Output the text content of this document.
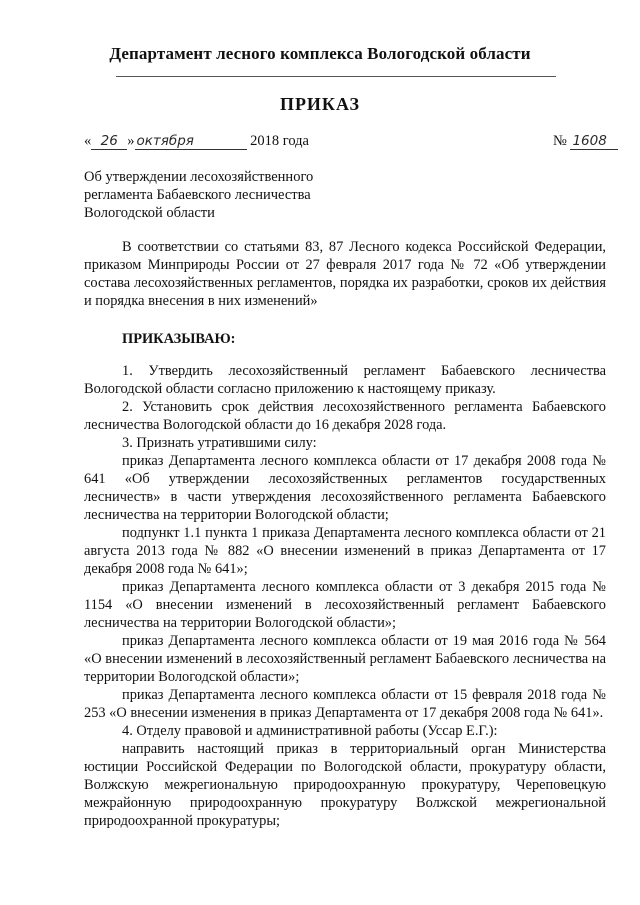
Департамент лесного комплекса Вологодской области
ПРИКАЗ
« 26 » октября	2018 года	№ 1608
Об утверждении лесохозяйственного
регламента Бабаевского лесничества
Вологодской области

В соответствии со статьями 83, 87 Лесного кодекса Российской Федерации, приказом Минприроды России от 27 февраля 2017 года № 72 «Об утверждении состава лесохозяйственных регламентов, порядка их разработки, сроков их действия и порядка внесения в них изменений»

ПРИКАЗЫВАЮ:

1. Утвердить лесохозяйственный регламент Бабаевского лесничества Вологодской области согласно приложению к настоящему приказу.

2. Установить срок действия лесохозяйственного регламента Бабаевского лесничества Вологодской области до 16 декабря 2028 года.

3. Признать утратившими силу:

приказ Департамента лесного комплекса области от 17 декабря 2008 года № 641 «Об утверждении лесохозяйственных регламентов государственных лесничеств» в части утверждения лесохозяйственного регламента Бабаевского лесничества на территории Вологодской области;

подпункт 1.1 пункта 1 приказа Департамента лесного комплекса области от 21 августа 2013 года № 882 «О внесении изменений в приказ Департамента от 17 декабря 2008 года № 641»;

приказ Департамента лесного комплекса области от 3 декабря 2015 года № 1154 «О внесении изменений в лесохозяйственный регламент Бабаевского лесничества на территории Вологодской области»;

приказ Департамента лесного комплекса области от 19 мая 2016 года № 564 «О внесении изменений в лесохозяйственный регламент Бабаевского лесничества на территории Вологодской области»;

приказ Департамента лесного комплекса области от 15 февраля 2018 года № 253 «О внесении изменения в приказ Департамента от 17 декабря 2008 года № 641».

4. Отделу правовой и административной работы (Уссар Е.Г.):

направить настоящий приказ в территориальный орган Министерства юстиции Российской Федерации по Вологодской области, прокуратуру области, Волжскую межрегиональную природоохранную прокуратуру, Череповецкую межрайонную природоохранную прокуратуру Волжской межрегиональной природоохранной прокуратуры;
